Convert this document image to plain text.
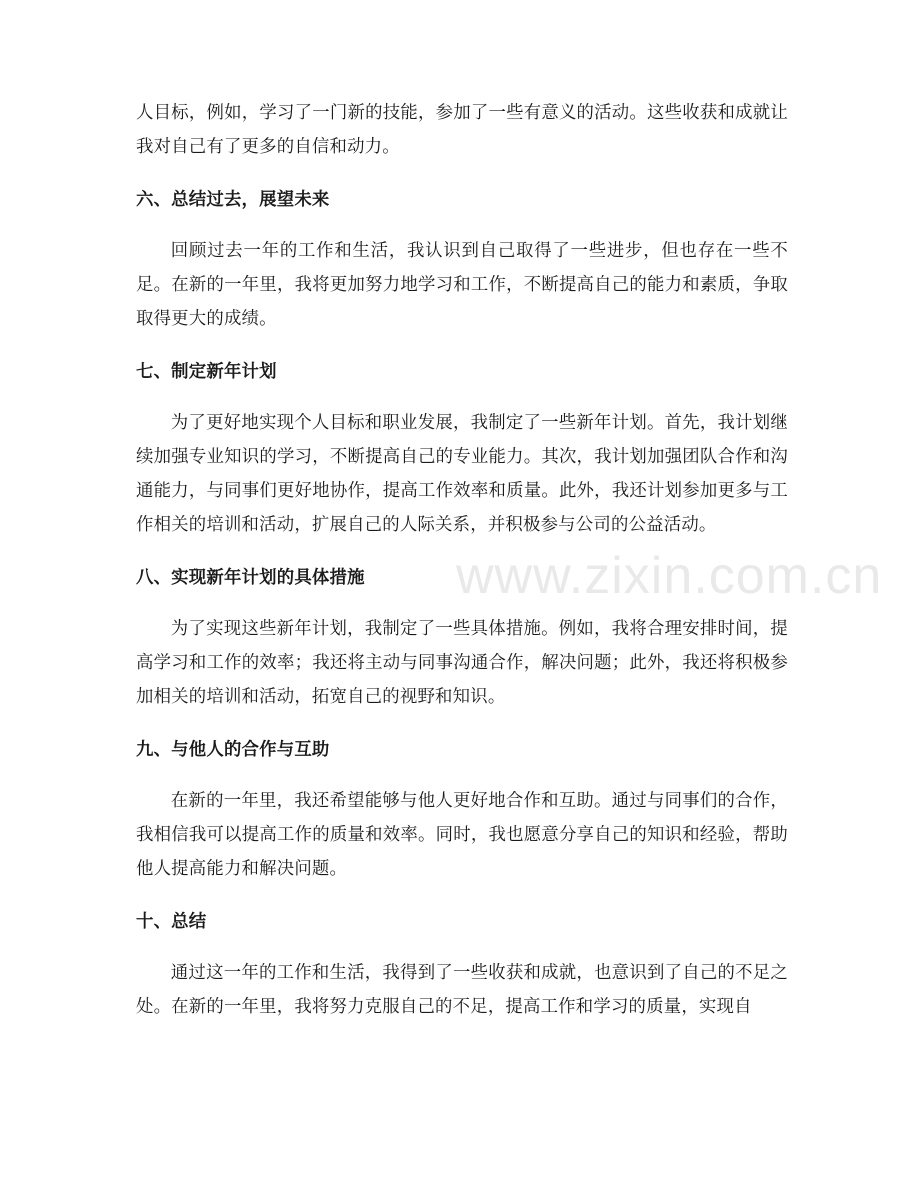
人目标，例如，学习了一门新的技能，参加了一些有意义的活动。这些收获和成就让我对自己有了更多的自信和动力。

六、总结过去，展望未来

回顾过去一年的工作和生活，我认识到自己取得了一些进步，但也存在一些不足。在新的一年里，我将更加努力地学习和工作，不断提高自己的能力和素质，争取取得更大的成绩。

七、制定新年计划

为了更好地实现个人目标和职业发展，我制定了一些新年计划。首先，我计划继续加强专业知识的学习，不断提高自己的专业能力。其次，我计划加强团队合作和沟通能力，与同事们更好地协作，提高工作效率和质量。此外，我还计划参加更多与工作相关的培训和活动，扩展自己的人际关系，并积极参与公司的公益活动。

八、实现新年计划的具体措施

为了实现这些新年计划，我制定了一些具体措施。例如，我将合理安排时间，提高学习和工作的效率；我还将主动与同事沟通合作，解决问题；此外，我还将积极参加相关的培训和活动，拓宽自己的视野和知识。

九、与他人的合作与互助

在新的一年里，我还希望能够与他人更好地合作和互助。通过与同事们的合作，我相信我可以提高工作的质量和效率。同时，我也愿意分享自己的知识和经验，帮助他人提高能力和解决问题。

十、总结

通过这一年的工作和生活，我得到了一些收获和成就，也意识到了自己的不足之处。在新的一年里，我将努力克服自己的不足，提高工作和学习的质量，实现自

www.zixin.com.cn
